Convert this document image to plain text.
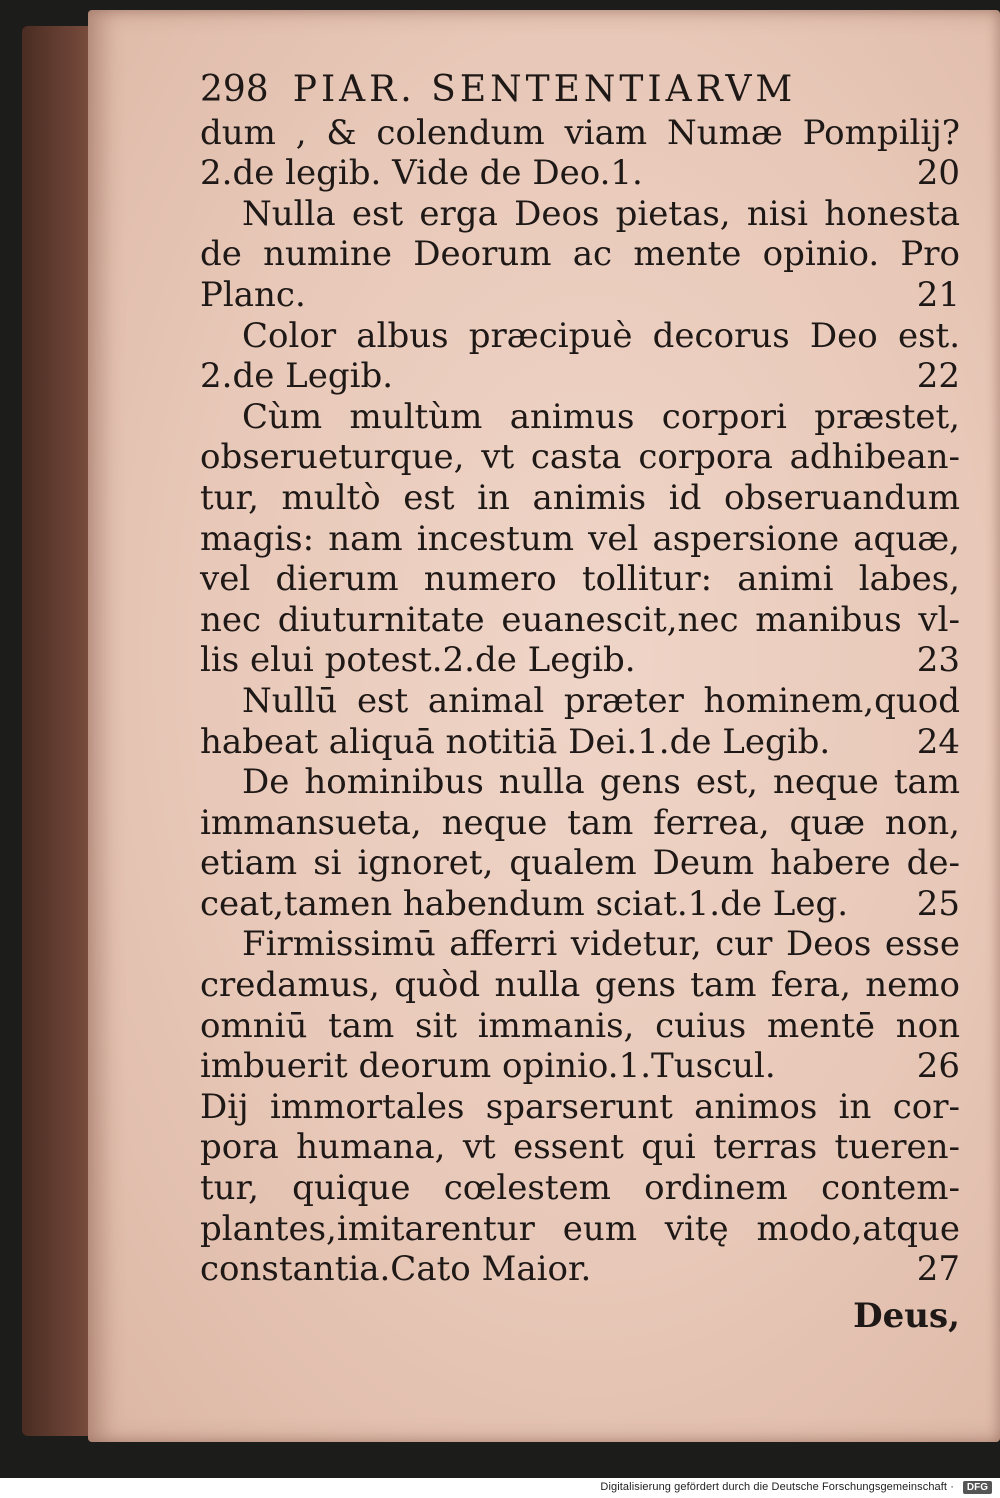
298 PIAR. SENTENTIARVM
dum , & colendum viam Numæ Pompilij?
2.de legib. Vide de Deo.1.	20
Nulla est erga Deos pietas, nisi honesta
de numine Deorum ac mente opinio. Pro
Planc.	21
Color albus præcipuè decorus Deo est.
2.de Legib.	22
Cùm multùm animus corpori præstet,
obserueturque, vt casta corpora adhibean-
tur, multò est in animis id obseruandum
magis: nam incestum vel aspersione aquæ,
vel dierum numero tollitur: animi labes,
nec diuturnitate euanescit,nec manibus vl-
lis elui potest.2.de Legib.	23
Nullū est animal præter hominem,quod
habeat aliquā notitiā Dei.1.de Legib.	24
De hominibus nulla gens est, neque tam
immansueta, neque tam ferrea, quæ non,
etiam si ignoret, qualem Deum habere de-
ceat,tamen habendum sciat.1.de Leg.	25
Firmissimū afferri videtur, cur Deos esse
credamus, quòd nulla gens tam fera, nemo
omniū tam sit immanis, cuius mentē non
imbuerit deorum opinio.1.Tuscul.	26
Dij immortales sparserunt animos in cor-
pora humana, vt essent qui terras tueren-
tur, quique cœlestem ordinem contem-
plantes,imitarentur eum vitę modo,atque
constantia.Cato Maior.	27
Deus,
Digitalisierung gefördert durch die Deutsche Forschungsgemeinschaft ·	DFG
